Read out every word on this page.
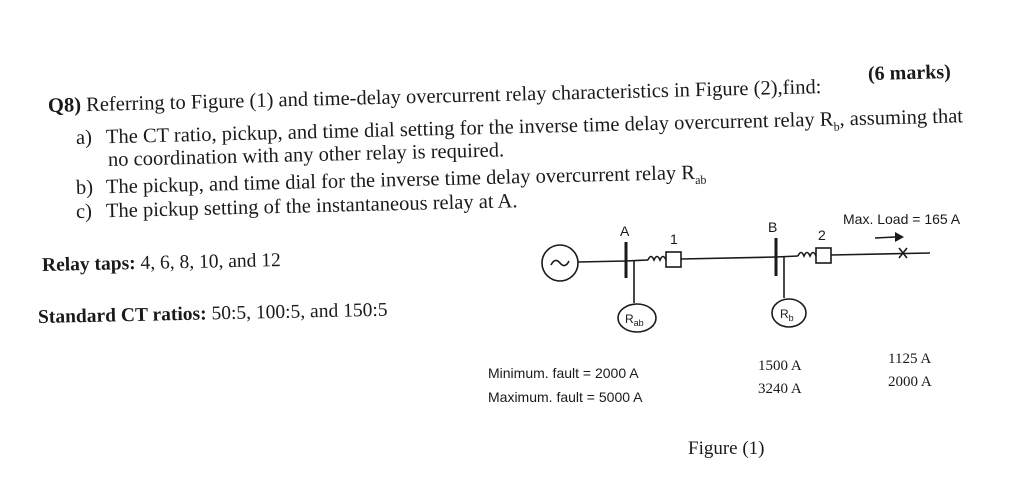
Q8) Referring to Figure (1) and time-delay overcurrent relay characteristics in Figure (2),find:
(6 marks)
a) The CT ratio, pickup, and time dial setting for the inverse time delay overcurrent relay $R_b$, assuming that
no coordination with any other relay is required.
b) The pickup, and time dial for the inverse time delay overcurrent relay $R_{ab}$
c) The pickup setting of the instantaneous relay at A.
Relay taps: 4, 6, 8, 10, and 12
Standard CT ratios: 50:5, 100:5, and 150:5
A	1
B	2
Max. Load = 165 A
$R_{ab}$
$R_b$
Minimum. fault = 2000 A
Maximum. fault = 5000 A
1500 A
3240 A
1125 A
2000 A
Figure (1)
